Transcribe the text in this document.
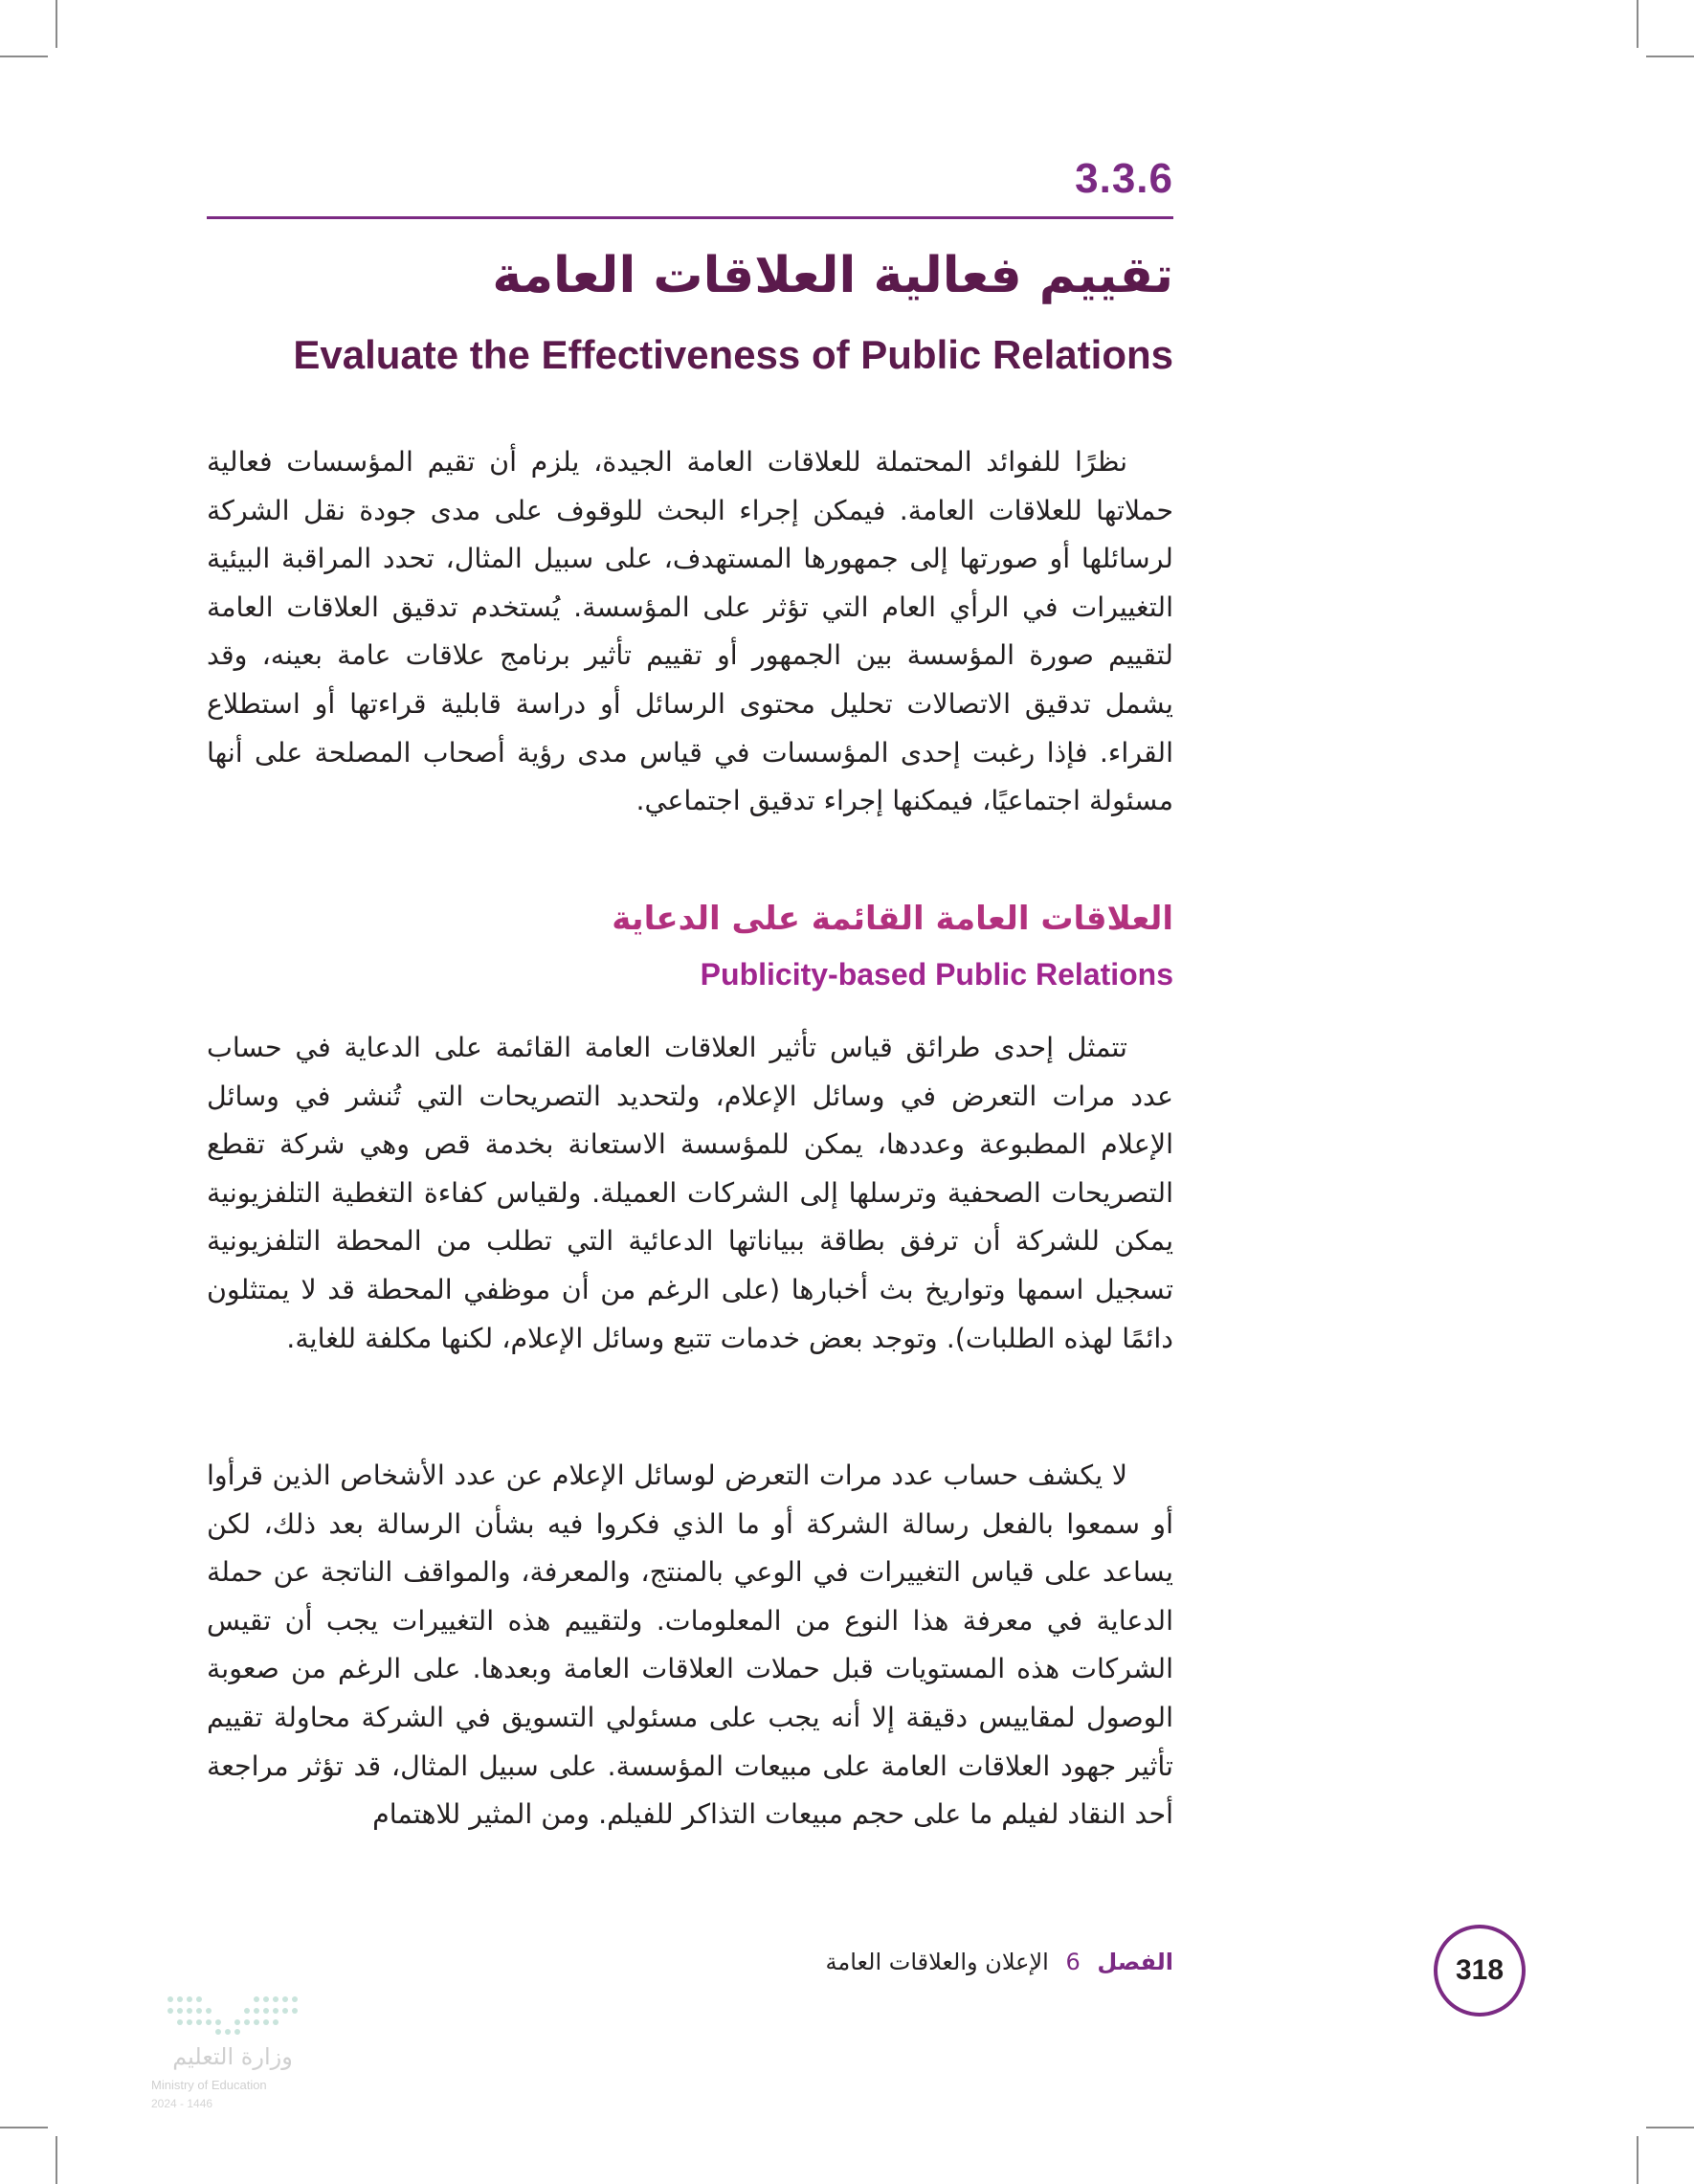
3.3.6
تقييم فعالية العلاقات العامة
Evaluate the Effectiveness of Public Relations

نظرًا للفوائد المحتملة للعلاقات العامة الجيدة، يلزم أن تقيم المؤسسات فعالية حملاتها للعلاقات العامة. فيمكن إجراء البحث للوقوف على مدى جودة نقل الشركة لرسائلها أو صورتها إلى جمهورها المستهدف، على سبيل المثال، تحدد المراقبة البيئية التغييرات في الرأي العام التي تؤثر على المؤسسة. يُستخدم تدقيق العلاقات العامة لتقييم صورة المؤسسة بين الجمهور أو تقييم تأثير برنامج علاقات عامة بعينه، وقد يشمل تدقيق الاتصالات تحليل محتوى الرسائل أو دراسة قابلية قراءتها أو استطلاع القراء. فإذا رغبت إحدى المؤسسات في قياس مدى رؤية أصحاب المصلحة على أنها مسئولة اجتماعيًا، فيمكنها إجراء تدقيق اجتماعي.

العلاقات العامة القائمة على الدعاية
Publicity-based Public Relations

تتمثل إحدى طرائق قياس تأثير العلاقات العامة القائمة على الدعاية في حساب عدد مرات التعرض في وسائل الإعلام، ولتحديد التصريحات التي تُنشر في وسائل الإعلام المطبوعة وعددها، يمكن للمؤسسة الاستعانة بخدمة قص وهي شركة تقطع التصريحات الصحفية وترسلها إلى الشركات العميلة. ولقياس كفاءة التغطية التلفزيونية يمكن للشركة أن ترفق بطاقة ببياناتها الدعائية التي تطلب من المحطة التلفزيونية تسجيل اسمها وتواريخ بث أخبارها (على الرغم من أن موظفي المحطة قد لا يمتثلون دائمًا لهذه الطلبات). وتوجد بعض خدمات تتبع وسائل الإعلام، لكنها مكلفة للغاية.

لا يكشف حساب عدد مرات التعرض لوسائل الإعلام عن عدد الأشخاص الذين قرأوا أو سمعوا بالفعل رسالة الشركة أو ما الذي فكروا فيه بشأن الرسالة بعد ذلك، لكن يساعد على قياس التغييرات في الوعي بالمنتج، والمعرفة، والمواقف الناتجة عن حملة الدعاية في معرفة هذا النوع من المعلومات. ولتقييم هذه التغييرات يجب أن تقيس الشركات هذه المستويات قبل حملات العلاقات العامة وبعدها. على الرغم من صعوبة الوصول لمقاييس دقيقة إلا أنه يجب على مسئولي التسويق في الشركة محاولة تقييم تأثير جهود العلاقات العامة على مبيعات المؤسسة. على سبيل المثال، قد تؤثر مراجعة أحد النقاد لفيلم ما على حجم مبيعات التذاكر للفيلم. ومن المثير للاهتمام

318
الفصل 6 الإعلان والعلاقات العامة
وزارة التعليم
Ministry of Education
2024 - 1446
